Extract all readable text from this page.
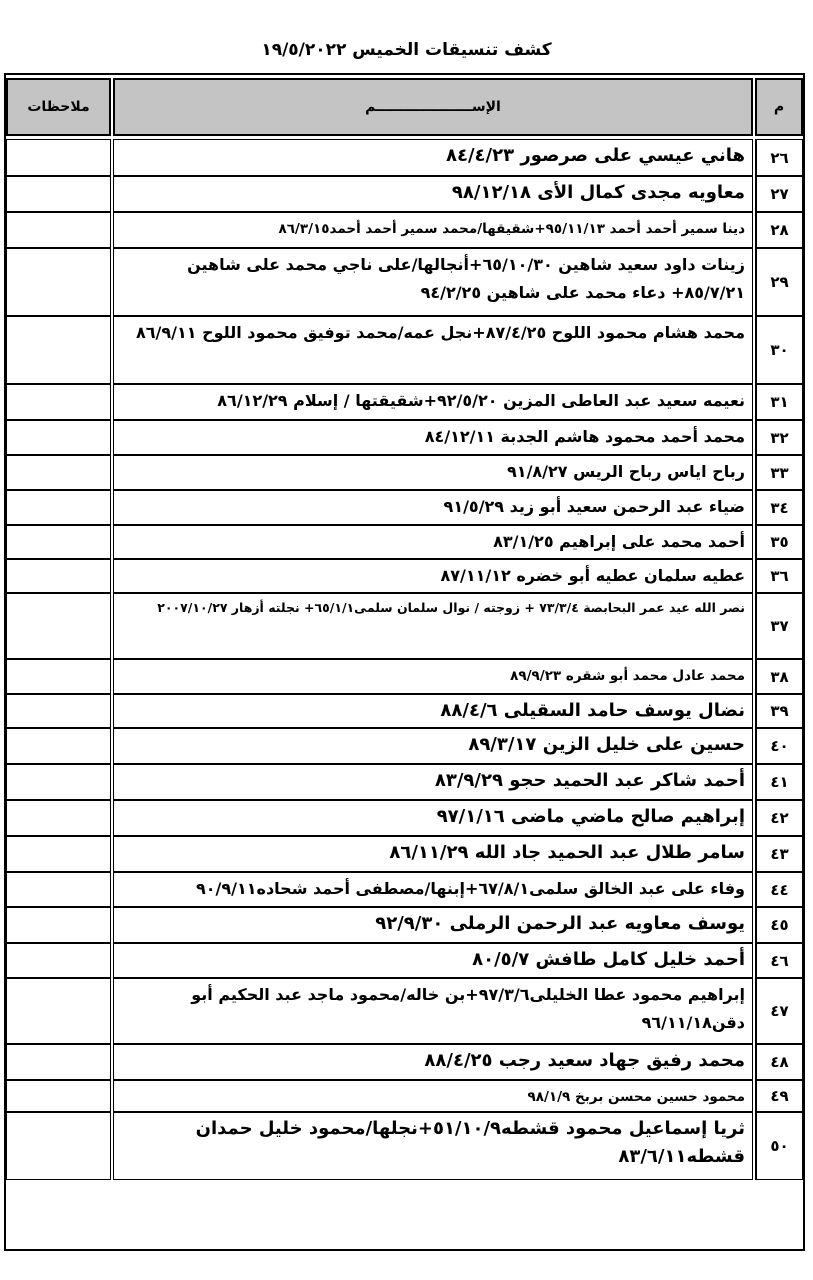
كشف تنسيقات الخميس ١٩/٥/٢٠٢٢
م
الإســــــــــــــــــــم
ملاحظات
٢٦
هاني عيسي على صرصور ٨٤/٤/٢٣
٢٧
معاويه مجدى كمال الأى ٩٨/١٢/١٨
٢٨
دينا سمير أحمد أحمد ٩٥/١١/١٣+شقيقها/محمد سمير أحمد أحمد٨٦/٣/١٥
٢٩
زينات داود سعيد شاهين ٦٥/١٠/٣٠+أنجالها/على ناجي محمد على شاهين ٨٥/٧/٢١+ دعاء محمد على شاهين ٩٤/٢/٢٥
٣٠
محمد هشام محمود اللوح ٨٧/٤/٢٥+نجل عمه/محمد توفيق محمود اللوح ٨٦/٩/١١
٣١
نعيمه سعيد عبد العاطى المزين ٩٢/٥/٢٠+شقيقتها / إسلام ٨٦/١٢/٢٩
٣٢
محمد أحمد محمود هاشم الجدبة ٨٤/١٢/١١
٣٣
رباح اياس رباح الريس ٩١/٨/٢٧
٣٤
ضياء عبد الرحمن سعيد أبو زيد ٩١/٥/٢٩
٣٥
أحمد محمد على إبراهيم ٨٣/١/٢٥
٣٦
عطيه سلمان عطيه أبو خضره ٨٧/١١/١٢
٣٧
نصر الله عيد عمر البحابصة ٧٣/٣/٤ + زوجته / نوال سلمان سلمى٦٥/١/١+ نجلته أزهار ٢٠٠٧/١٠/٢٧
٣٨
محمد عادل محمد أبو شقره ٨٩/٩/٢٣
٣٩
نضال يوسف حامد السقيلى ٨٨/٤/٦
٤٠
حسين على خليل الزين ٨٩/٣/١٧
٤١
أحمد شاكر عبد الحميد حجو ٨٣/٩/٢٩
٤٢
إبراهيم صالح ماضي ماضى ٩٧/١/١٦
٤٣
سامر طلال عبد الحميد جاد الله ٨٦/١١/٢٩
٤٤
وفاء على عبد الخالق سلمى٦٧/٨/١+إبنها/مصطفى أحمد شحاده٩٠/٩/١١
٤٥
يوسف معاويه عبد الرحمن الرملى ٩٢/٩/٣٠
٤٦
أحمد خليل كامل طافش ٨٠/٥/٧
٤٧
إبراهيم محمود عطا الخليلى٩٧/٣/٦+بن خاله/محمود ماجد عبد الحكيم أبو دقن٩٦/١١/١٨
٤٨
محمد رفيق جهاد سعيد رجب ٨٨/٤/٢٥
٤٩
محمود حسين محسن بربخ ٩٨/١/٩
٥٠
ثريا إسماعيل محمود قشطه٥١/١٠/٩+نجلها/محمود خليل حمدان قشطه٨٣/٦/١١
